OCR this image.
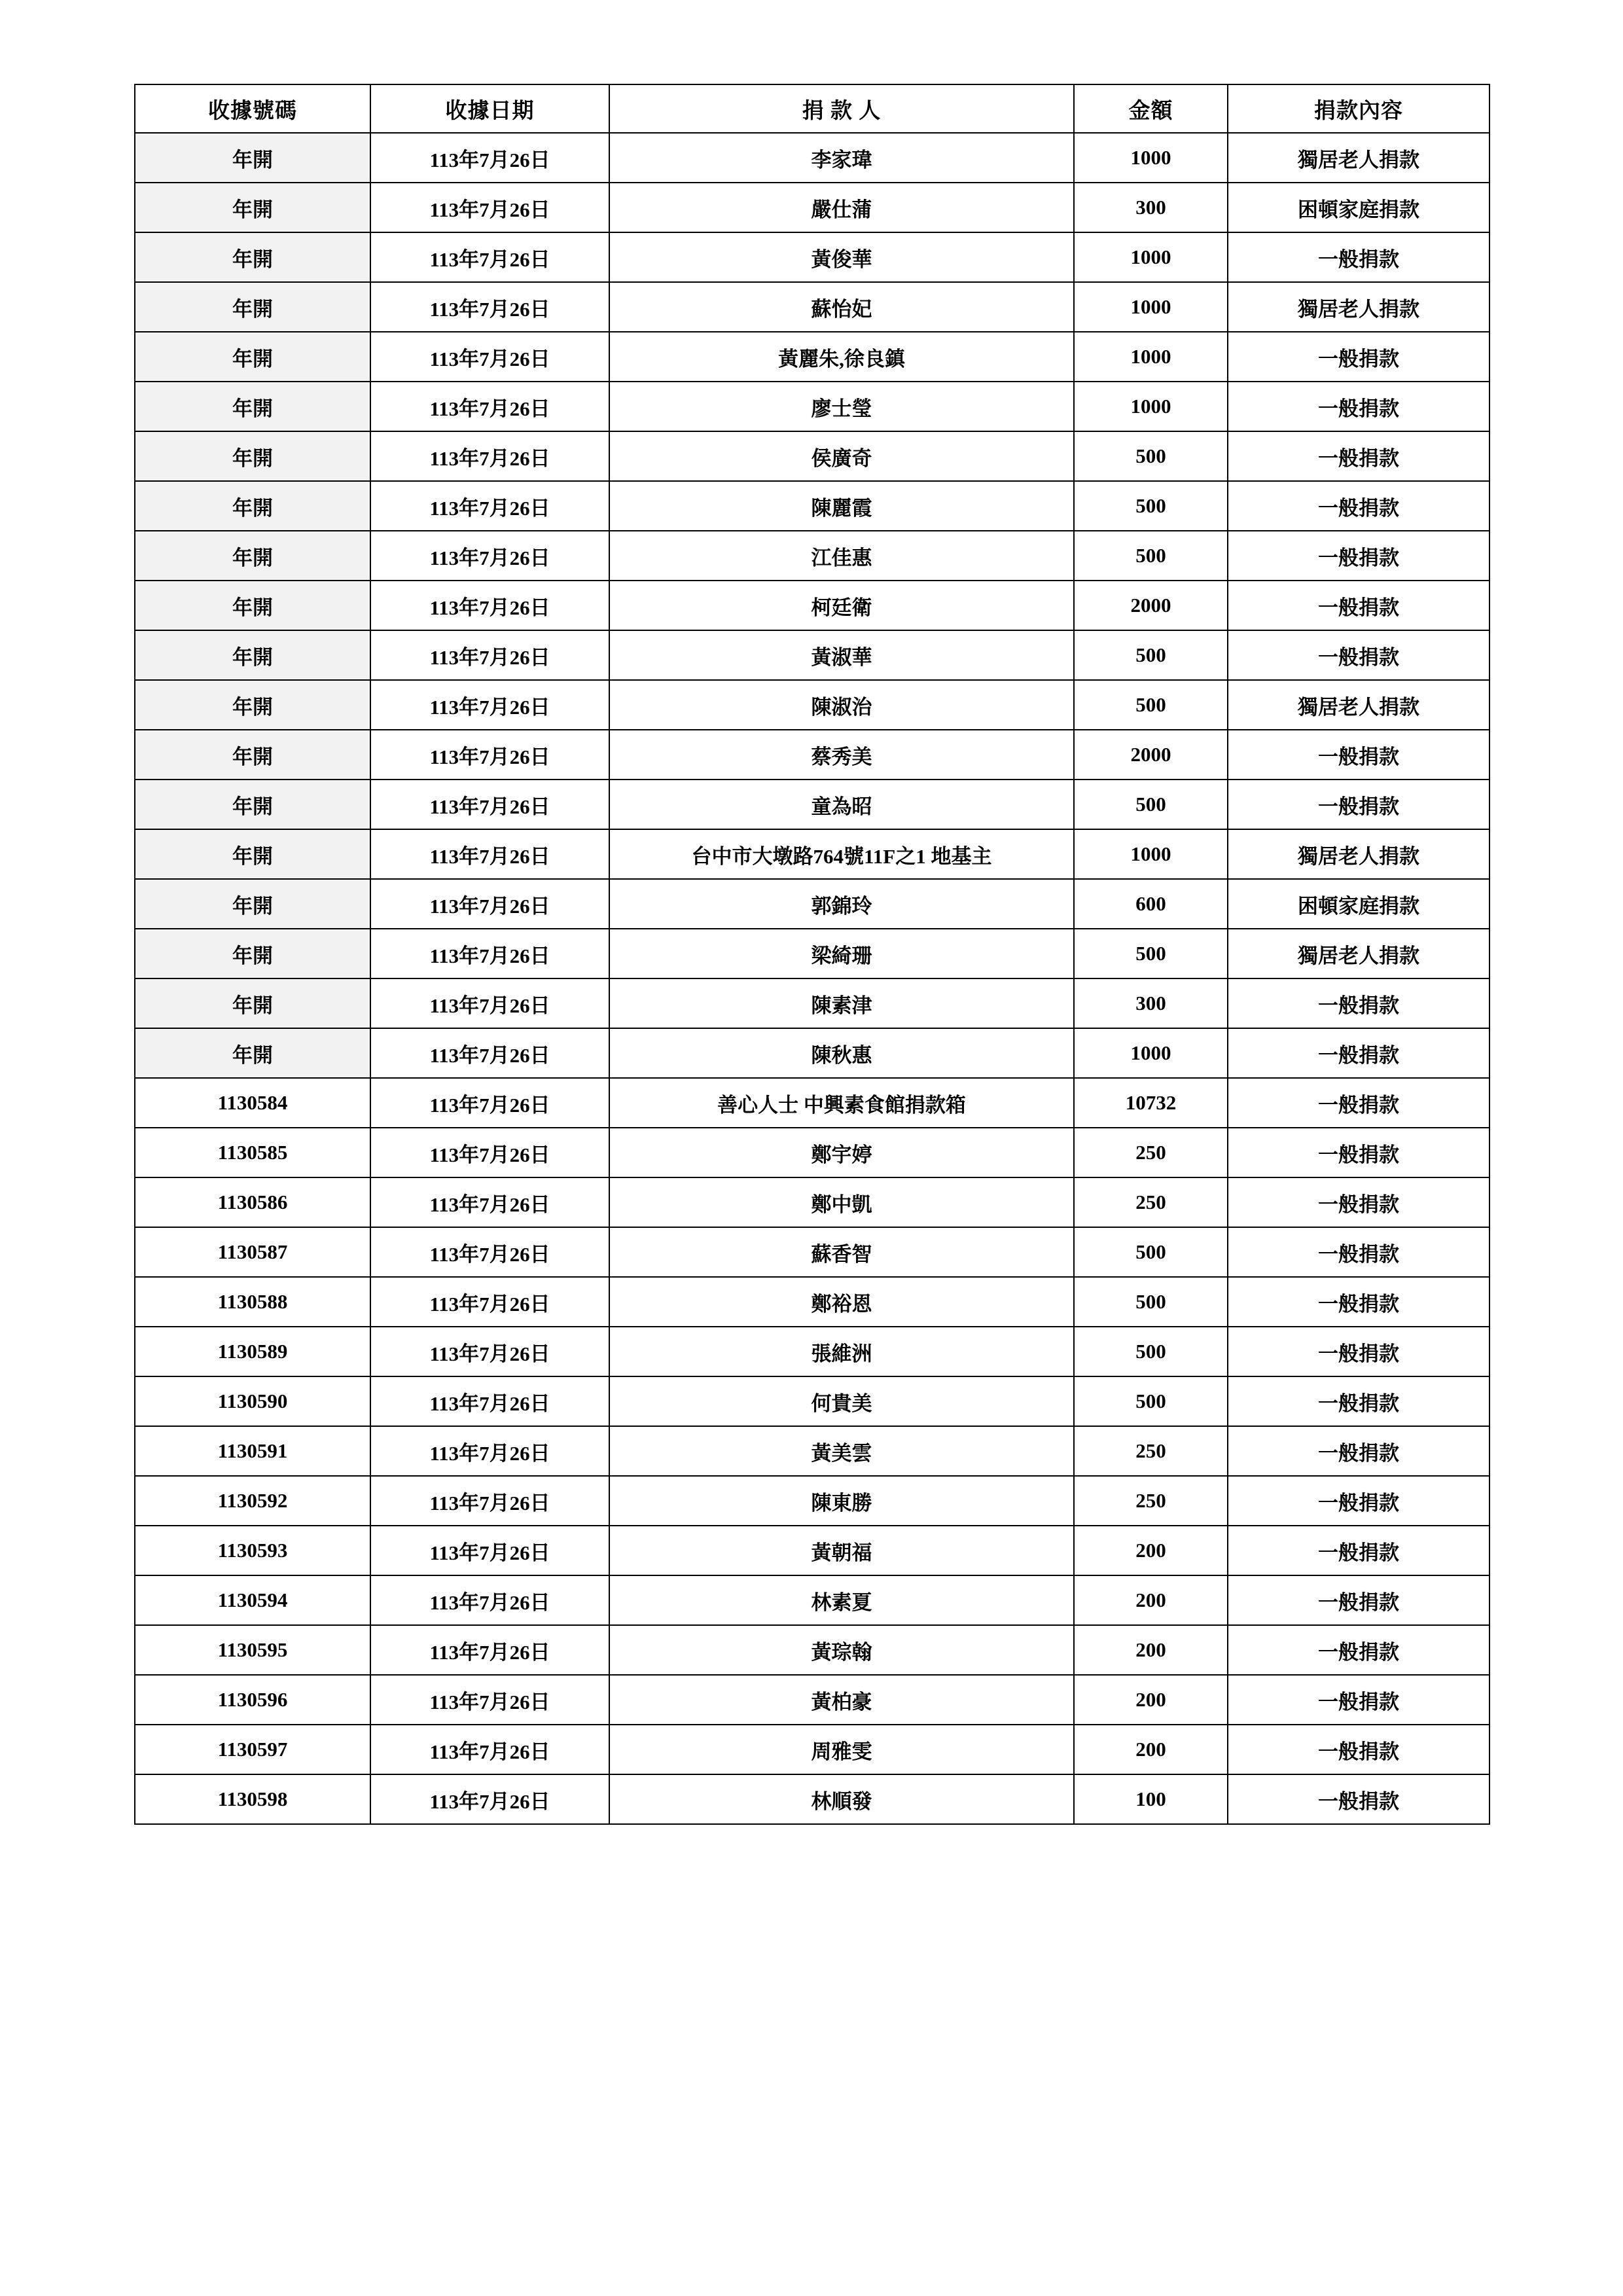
收據號碼	收據日期	捐 款 人	金額	捐款內容
年開	113年7月26日	李家瑋	1000	獨居老人捐款
年開	113年7月26日	嚴仕蒲	300	困頓家庭捐款
年開	113年7月26日	黃俊華	1000	一般捐款
年開	113年7月26日	蘇怡妃	1000	獨居老人捐款
年開	113年7月26日	黃麗朱,徐良鎮	1000	一般捐款
年開	113年7月26日	廖士瑩	1000	一般捐款
年開	113年7月26日	侯廣奇	500	一般捐款
年開	113年7月26日	陳麗霞	500	一般捐款
年開	113年7月26日	江佳惠	500	一般捐款
年開	113年7月26日	柯廷衛	2000	一般捐款
年開	113年7月26日	黃淑華	500	一般捐款
年開	113年7月26日	陳淑治	500	獨居老人捐款
年開	113年7月26日	蔡秀美	2000	一般捐款
年開	113年7月26日	童為昭	500	一般捐款
年開	113年7月26日	台中市大墩路764號11F之1 地基主	1000	獨居老人捐款
年開	113年7月26日	郭錦玲	600	困頓家庭捐款
年開	113年7月26日	梁綺珊	500	獨居老人捐款
年開	113年7月26日	陳素津	300	一般捐款
年開	113年7月26日	陳秋惠	1000	一般捐款
1130584	113年7月26日	善心人士 中興素食館捐款箱	10732	一般捐款
1130585	113年7月26日	鄭宇婷	250	一般捐款
1130586	113年7月26日	鄭中凱	250	一般捐款
1130587	113年7月26日	蘇香智	500	一般捐款
1130588	113年7月26日	鄭裕恩	500	一般捐款
1130589	113年7月26日	張維洲	500	一般捐款
1130590	113年7月26日	何貴美	500	一般捐款
1130591	113年7月26日	黃美雲	250	一般捐款
1130592	113年7月26日	陳東勝	250	一般捐款
1130593	113年7月26日	黃朝福	200	一般捐款
1130594	113年7月26日	林素夏	200	一般捐款
1130595	113年7月26日	黃琮翰	200	一般捐款
1130596	113年7月26日	黃柏豪	200	一般捐款
1130597	113年7月26日	周雅雯	200	一般捐款
1130598	113年7月26日	林順發	100	一般捐款
